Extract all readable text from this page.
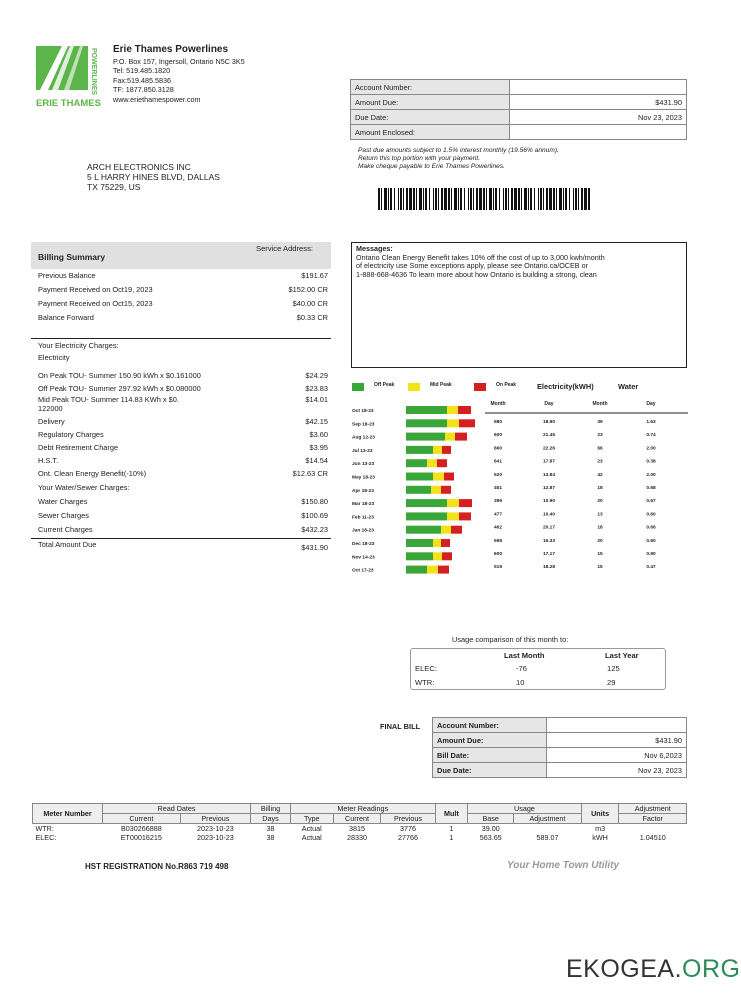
POWERLINES
ERIE THAMES
Erie Thames Powerlines
P.O. Box 157, Ingersoll, Ontario N5C 3K5
Tel: 519.485.1820
Fax:519.485.5836
TF: 1877.850.3128
www.eriethamespower.com
Account Number:	
Amount Due:	$431.90
Due Date:	Nov 23, 2023
Amount Enclosed:	
Past due amounts subject to 1.5% interest monthly (19.56% annum).
Return this top portion with your payment.
Make cheque payable to Erie Thames Powerlines.
ARCH ELECTRONICS INC
5 L HARRY HINES BLVD, DALLAS
TX 75229, US
Billing Summary
Service Address:
Previous Balance	$191.67
Payment Received on Oct19, 2023	$152.00 CR
Payment Received on Oct15, 2023	$40.00 CR
Balance Forward	$0.33 CR
Your Electricity Charges:
Electricity
On Peak TOU- Summer 150.90 kWh x $0.161000	$24.29
Off Peak TOU- Summer 297.92 kWh x $0.080000	$23.83
Mid Peak TOU- Summer 114.83 KWh x $0.	$14.01
122000
Delivery	$42.15
Regulatory Charges	$3.60
Debt Retirement Charge	$3.95
H.S.T.	$14.54
Ont. Clean Energy Benefit(-10%)	$12.63 CR
Your Water/Sewer Charges:
Water Charges	$150.80
Sewer Charges	$100.69
Current Charges	$432.23
Total Amount Due	$431.90
Messages:
Ontario Clean Energy Benefit takes 10% off the cost of up to 3,000 kwh/month
of electricity use Some exceptions apply, please see Ontario.ca/OCEB or
1-888-668-4636 To learn more about how Ontario is building a strong, clean
Off Peak	Mid Peak	On Peak	Electricity(kWH)	Water
Oct 18-23
Sep 18-23
Aug 12-23
Jul 13-23
Jun 13-23
May 18-23
Apr 18-23
Mar 18-23
Feb 11-23
Jan 18-23
Dec 18-23
Nov 14-23
Oct 17-23
Month	Day	Month	Day
580	18.90	39	1.63
600	21.45	23	0.74
660	22.26	66	2.00
641	17.87	23	0.38
520	13.84	42	2.00
451	12.87	18	0.68
399	10.90	20	0.67
477	10.40	13	0.60
462	20.17	18	0.66
598	16.33	20	0.60
600	17.17	15	0.90
519	18.28	15	0.47
Usage comparison of this month to:
Last Month	Last Year
ELEC:	-76	125
WTR:	10	29
FINAL BILL Account Number:	
Amount Due:	$431.90
Bill Date:	Nov 6,2023
Due Date:	Nov 23, 2023
Meter Number	Read Dates		Billing	Meter Readings			Mult	Usage		Units	Adjustment
	Current	Previous	Days	Type	Current	Previous		Base	Adjustment		Factor
WTR:	B030266888	2023-10-23	38	Actual	3815	3776	1	39.00		m3	
ELEC:	ET00016215	2023-10-23	38	Actual	28330	27766	1	563.65	589.07	kWH	1.04510
HST REGISTRATION No.R863 719 498	Your Home Town Utility
EKOGEA.ORG
